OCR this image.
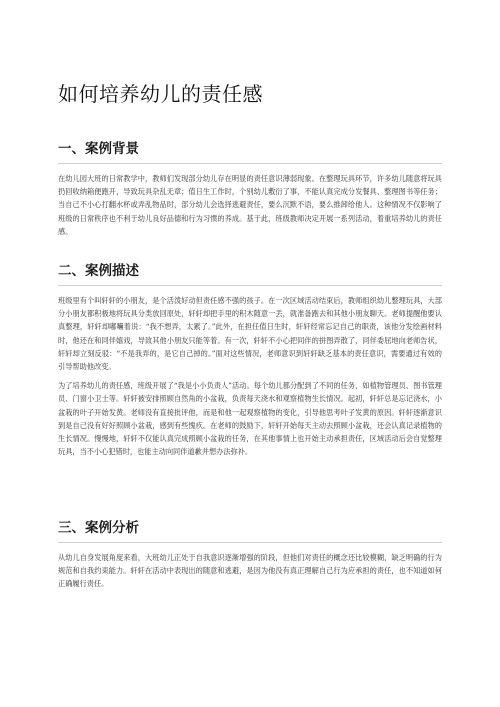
如何培养幼儿的责任感
一、案例背景

在幼儿园大班的日常教学中，教师们发现部分幼儿存在明显的责任意识薄弱现象。在整理玩具环节，许多幼儿随意将玩具扔回收纳箱便跑开，导致玩具杂乱无章；值日生工作时，个别幼儿敷衍了事，不能认真完成分发餐具、整理图书等任务；当自己不小心打翻水杯或弄乱物品时，部分幼儿会选择逃避责任，要么沉默不语，要么推卸给他人。这种情况不仅影响了班级的日常秩序也不利于幼儿良好品德和行为习惯的养成。基于此，班级教师决定开展一系列活动，着重培养幼儿的责任感。

二、案例描述

班级里有个叫轩轩的小朋友，是个活泼好动但责任感不强的孩子。在一次区域活动结束后，教师组织幼儿整理玩具，大部分小朋友都积极地将玩具分类放回原处，轩轩却把手里的积木随意一丢，就准备跑去和其他小朋友聊天。老师提醒他要认真整理，轩轩却嘟囔着说：“我不想弄，太累了。”此外，在担任值日生时，轩轩经常忘记自己的职责，该他分发绘画材料时，他还在和同伴嬉戏，导致其他小朋友只能等着。有一次，轩轩不小心把同伴的拼图弄散了，同伴委屈地向老师告状，轩轩却立刻反驳：“不是我弄的，是它自己掉的。”面对这些情况，老师意识到轩轩缺乏基本的责任意识，需要通过有效的引导帮助他改变。

为了培养幼儿的责任感，班级开展了“我是小小负责人”活动。每个幼儿都分配到了不同的任务，如植物管理员、图书管理员、门窗小卫士等。轩轩被安排照顾自然角的小盆栽，负责每天浇水和观察植物生长情况。起初，轩轩总是忘记浇水，小盆栽的叶子开始发黄。老师没有直接批评他，而是和他一起观察植物的变化，引导他思考叶子发黄的原因。轩轩逐渐意识到是自己没有好好照顾小盆栽，感到有些愧疚。在老师的鼓励下，轩轩开始每天主动去照顾小盆栽，还会认真记录植物的生长情况。慢慢地，轩轩不仅能认真完成照顾小盆栽的任务，在其他事情上也开始主动承担责任，区域活动后会自觉整理玩具，当不小心犯错时，也能主动向同伴道歉并想办法弥补。

三、案例分析

从幼儿自身发展角度来看，大班幼儿正处于自我意识逐渐增强的阶段，但他们对责任的概念还比较模糊，缺乏明确的行为规范和自我约束能力。轩轩在活动中表现出的随意和逃避，是因为他没有真正理解自己行为应承担的责任，也不知道如何正确履行责任。
